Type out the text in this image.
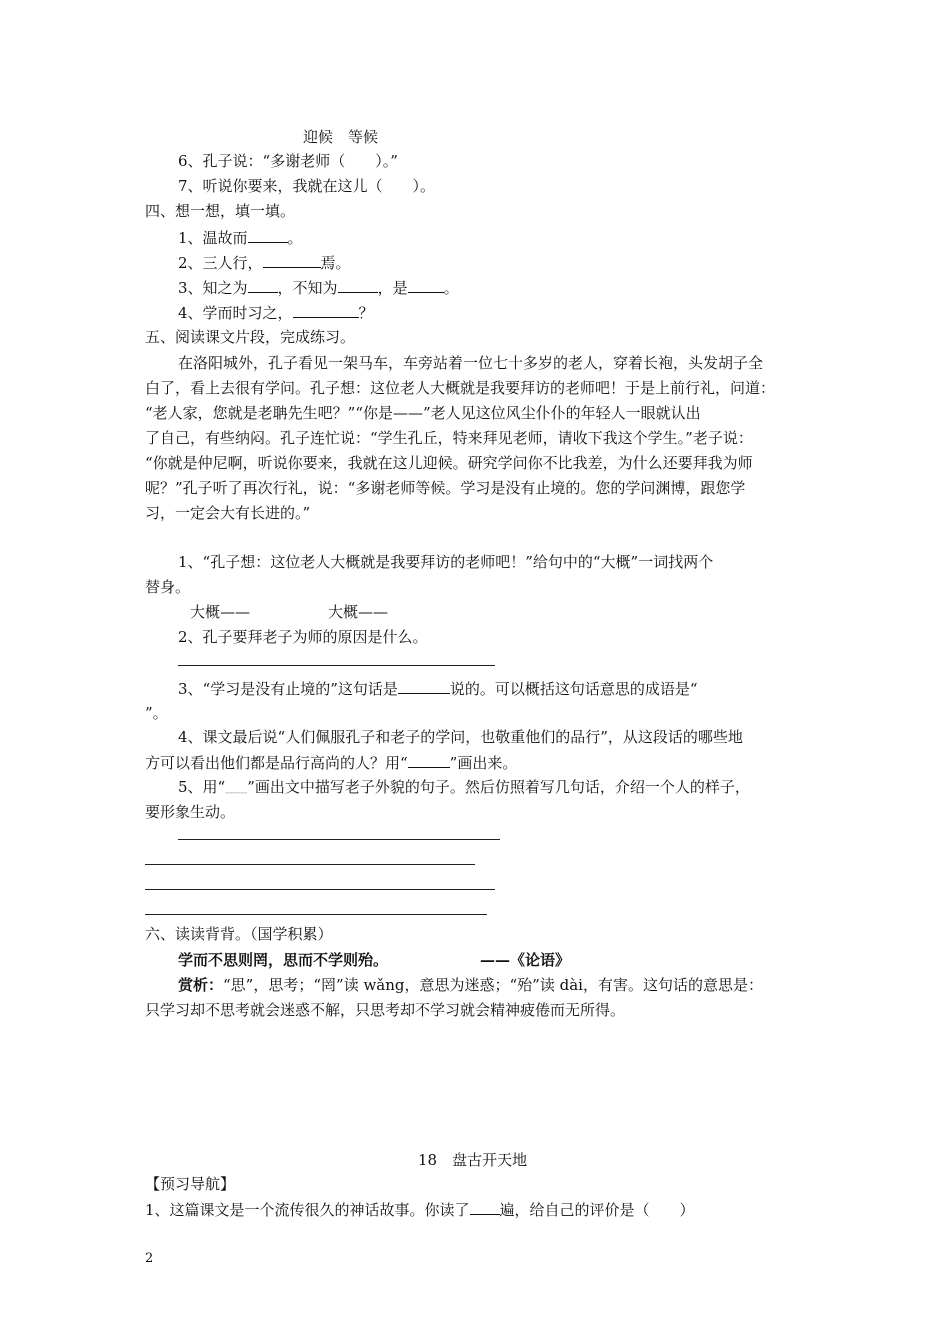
迎候　等候
6、孔子说：“多谢老师（　　）。”
7、听说你要来，我就在这儿（　　）。
四、想一想，填一填。
1、温故而	。
2、三人行，	焉。
3、知之为 ，不知为	，是 。
4、学而时习之，	？
五、阅读课文片段，完成练习。
在洛阳城外，孔子看见一架马车，车旁站着一位七十多岁的老人，穿着长袍，头发胡子全
白了，看上去很有学问。孔子想：这位老人大概就是我要拜访的老师吧！于是上前行礼，问道：
“老人家，您就是老聃先生吧？”“你是——”老人见这位风尘仆仆的年轻人一眼就认出
了自己，有些纳闷。孔子连忙说：“学生孔丘，特来拜见老师，请收下我这个学生。”老子说：
“你就是仲尼啊，听说你要来，我就在这儿迎候。研究学问你不比我差，为什么还要拜我为师
呢？”孔子听了再次行礼，说：“多谢老师等候。学习是没有止境的。您的学问渊博，跟您学
习，一定会大有长进的。”
1、“孔子想：这位老人大概就是我要拜访的老师吧！”给句中的“大概”一词找两个
替身。
大概——	大概——
2、孔子要拜老子为师的原因是什么。
3、“学习是没有止境的”这句话是	说的。可以概括这句话意思的成语是“
”。
4、课文最后说“人们佩服孔子和老子的学问，也敬重他们的品行”，从这段话的哪些地
方可以看出他们都是品行高尚的人？用“	”画出来。
5、用“﹏﹏”画出文中描写老子外貌的句子。然后仿照着写几句话，介绍一个人的样子，
要形象生动。
六、读读背背。（国学积累）
学而不思则罔，思而不学则殆。	——《论语》
赏析：“思”，思考；“罔”读 wǎng，意思为迷惑；“殆”读 dài，有害。这句话的意思是：
只学习却不思考就会迷惑不解，只思考却不学习就会精神疲倦而无所得。
18　盘古开天地
【预习导航】
1、这篇课文是一个流传很久的神话故事。你读了 遍，给自己的评价是（　　）
2
